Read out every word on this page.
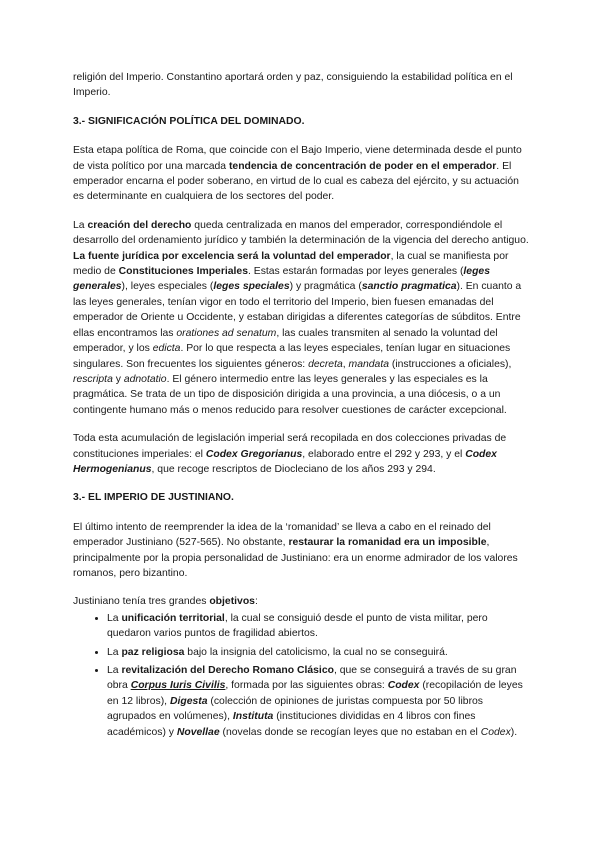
religión del Imperio. Constantino aportará orden y paz, consiguiendo la estabilidad política en el Imperio.

3.- SIGNIFICACIÓN POLÍTICA DEL DOMINADO.

Esta etapa política de Roma, que coincide con el Bajo Imperio, viene determinada desde el punto de vista político por una marcada tendencia de concentración de poder en el emperador. El emperador encarna el poder soberano, en virtud de lo cual es cabeza del ejército, y su actuación es determinante en cualquiera de los sectores del poder.

La creación del derecho queda centralizada en manos del emperador, correspondiéndole el desarrollo del ordenamiento jurídico y también la determinación de la vigencia del derecho antiguo. La fuente jurídica por excelencia será la voluntad del emperador, la cual se manifiesta por medio de Constituciones Imperiales. Estas estarán formadas por leyes generales (leges generales), leyes especiales (leges speciales) y pragmática (sanctio pragmatica). En cuanto a las leyes generales, tenían vigor en todo el territorio del Imperio, bien fuesen emanadas del emperador de Oriente u Occidente, y estaban dirigidas a diferentes categorías de súbditos. Entre ellas encontramos las orationes ad senatum, las cuales transmiten al senado la voluntad del emperador, y los edicta. Por lo que respecta a las leyes especiales, tenían lugar en situaciones singulares. Son frecuentes los siguientes géneros: decreta, mandata (instrucciones a oficiales), rescripta y adnotatio. El género intermedio entre las leyes generales y las especiales es la pragmática. Se trata de un tipo de disposición dirigida a una provincia, a una diócesis, o a un contingente humano más o menos reducido para resolver cuestiones de carácter excepcional.

Toda esta acumulación de legislación imperial será recopilada en dos colecciones privadas de constituciones imperiales: el Codex Gregorianus, elaborado entre el 292 y 293, y el Codex Hermogenianus, que recoge rescriptos de Diocleciano de los años 293 y 294.

3.- EL IMPERIO DE JUSTINIANO.

El último intento de reemprender la idea de la ‘romanidad’ se lleva a cabo en el reinado del emperador Justiniano (527-565). No obstante, restaurar la romanidad era un imposible, principalmente por la propia personalidad de Justiniano: era un enorme admirador de los valores romanos, pero bizantino.

Justiniano tenía tres grandes objetivos:

• La unificación territorial, la cual se consiguió desde el punto de vista militar, pero quedaron varios puntos de fragilidad abiertos.
• La paz religiosa bajo la insignia del catolicismo, la cual no se conseguirá.
• La revitalización del Derecho Romano Clásico, que se conseguirá a través de su gran obra Corpus Iuris Civilis, formada por las siguientes obras: Codex (recopilación de leyes en 12 libros), Digesta (colección de opiniones de juristas compuesta por 50 libros agrupados en volúmenes), Instituta (instituciones divididas en 4 libros con fines académicos) y Novellae (novelas donde se recogían leyes que no estaban en el Codex).
